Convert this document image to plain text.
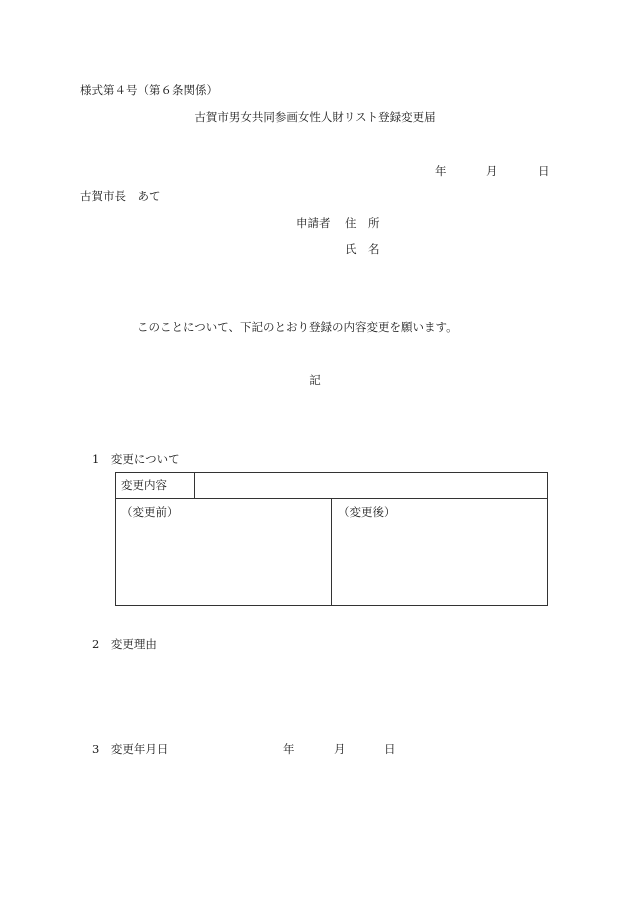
様式第４号（第６条関係）
古賀市男女共同参画女性人財リスト登録変更届
年	月	日
古賀市長　あて
申請者 住　所
氏　名
このことについて、下記のとおり登録の内容変更を願います。
記
1　変更について
変更内容
（変更前）	（変更後）
2　変更理由
3　変更年月日	年	月	日
